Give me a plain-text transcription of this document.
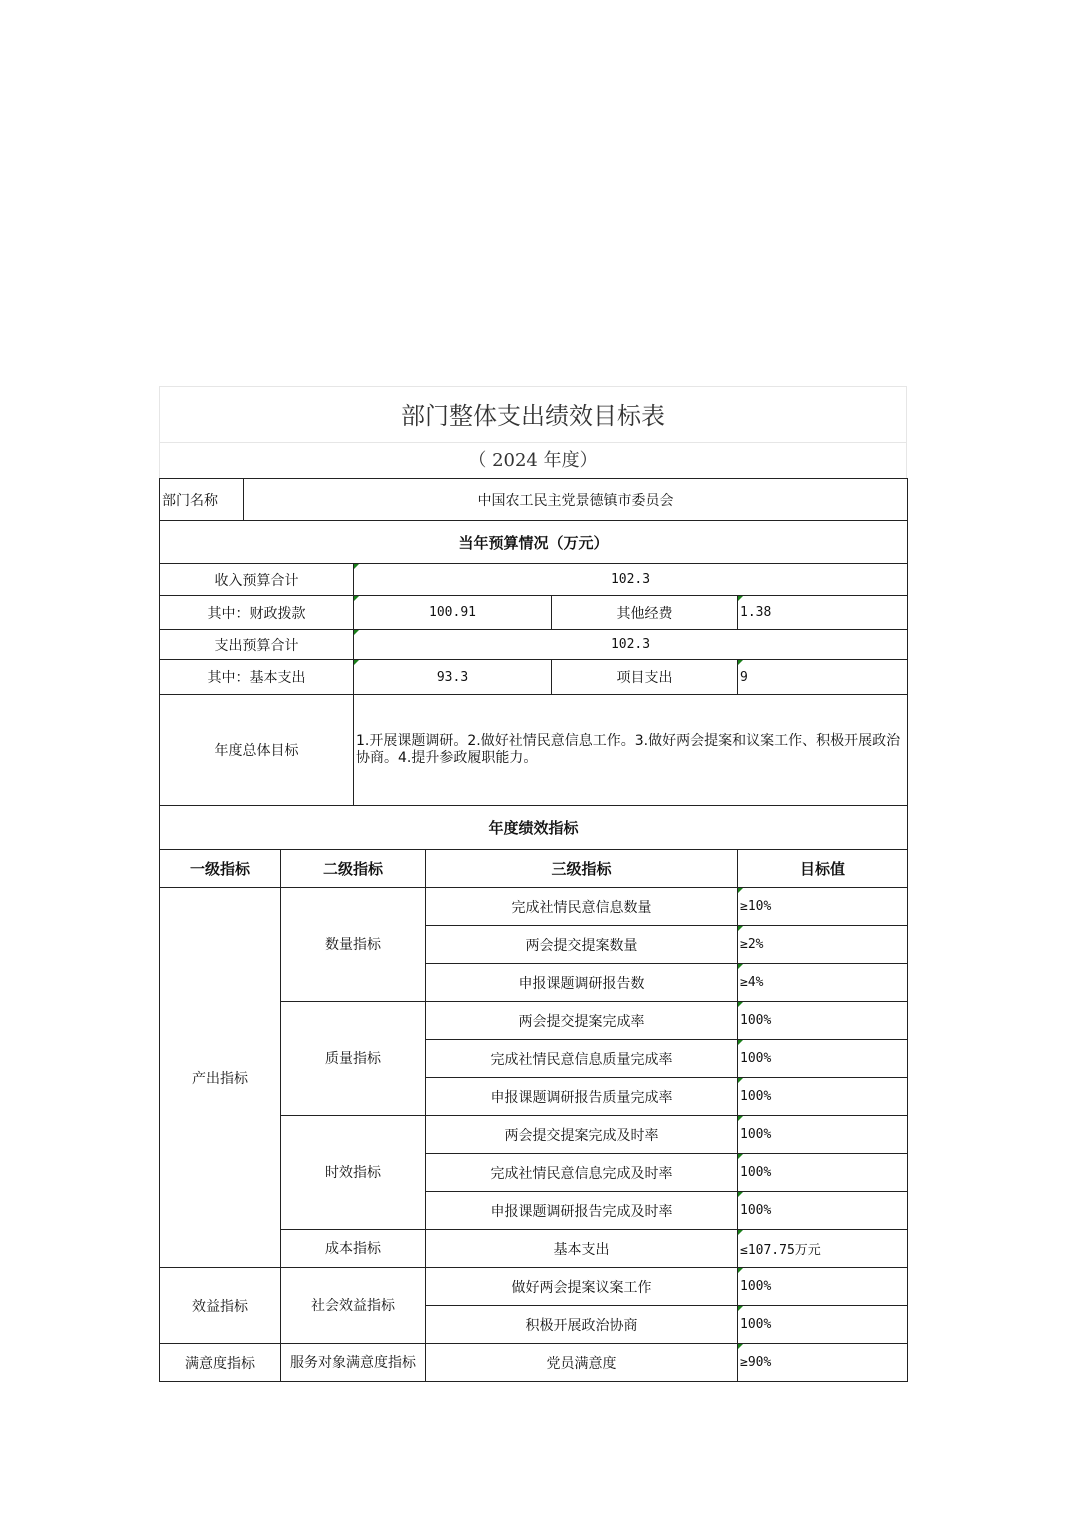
部门整体支出绩效目标表
（ 2024 年度）
部门名称	中国农工民主党景德镇市委员会					
当年预算情况（万元）						
收入预算合计			102.3			
其中：财政拨款			100.91		其他经费	1.38
支出预算合计			102.3			
其中：基本支出			93.3		项目支出	9
年度总体目标			1.开展课题调研。2.做好社情民意信息工作。3.做好两会提案和议案工作、积极开展政治协商。4.提升参政履职能力。			
年度绩效指标						
一级指标		二级指标		三级指标		目标值
产出指标		数量指标		完成社情民意信息数量		≥10%
				两会提交提案数量		≥2%
				申报课题调研报告数		≥4%
		质量指标		两会提交提案完成率		100%
				完成社情民意信息质量完成率		100%
				申报课题调研报告质量完成率		100%
		时效指标		两会提交提案完成及时率		100%
				完成社情民意信息完成及时率		100%
				申报课题调研报告完成及时率		100%
		成本指标		基本支出		≤107.75万元
效益指标		社会效益指标		做好两会提案议案工作		100%
				积极开展政治协商		100%
满意度指标		服务对象满意度指标		党员满意度		≥90%
